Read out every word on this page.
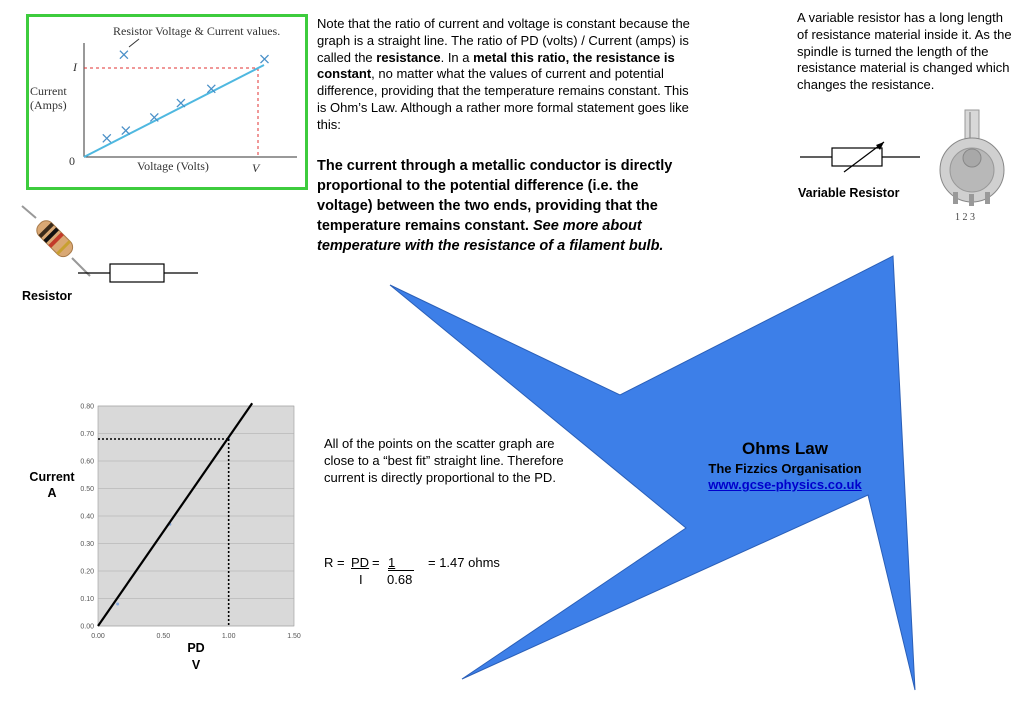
Resistor Voltage & Current values.
I
Current
(Amps)
0	Voltage (Volts)	V
Resistor
Note that the ratio of current and voltage is constant because the graph is a straight line. The ratio of PD (volts) / Current (amps) is called the resistance. In a metal this ratio, the resistance is constant, no matter what the values of current and potential difference, providing that the temperature remains constant. This is Ohm’s Law. Although a rather more formal statement goes like this:
The current through a metallic conductor is directly proportional to the potential difference (i.e. the voltage) between the two ends, providing that the temperature remains constant. See more about temperature with the resistance of a filament bulb.
A variable resistor has a long length of resistance material inside it. As the spindle is turned the length of the resistance material is changed which changes the resistance.
Variable Resistor
1 2 3
0.00
0.10
0.20
0.30
0.40
0.50
0.60
0.70
0.80
0.00	0.50	1.00	1.50
Current
A
PD
V
All of the points on the scatter graph are close to a “best fit” straight line. Therefore current is directly proportional to the PD.
R = PD = 1	= 1.47 ohms
I 0.68
Ohms Law
The Fizzics Organisation
www.gcse-physics.co.uk
